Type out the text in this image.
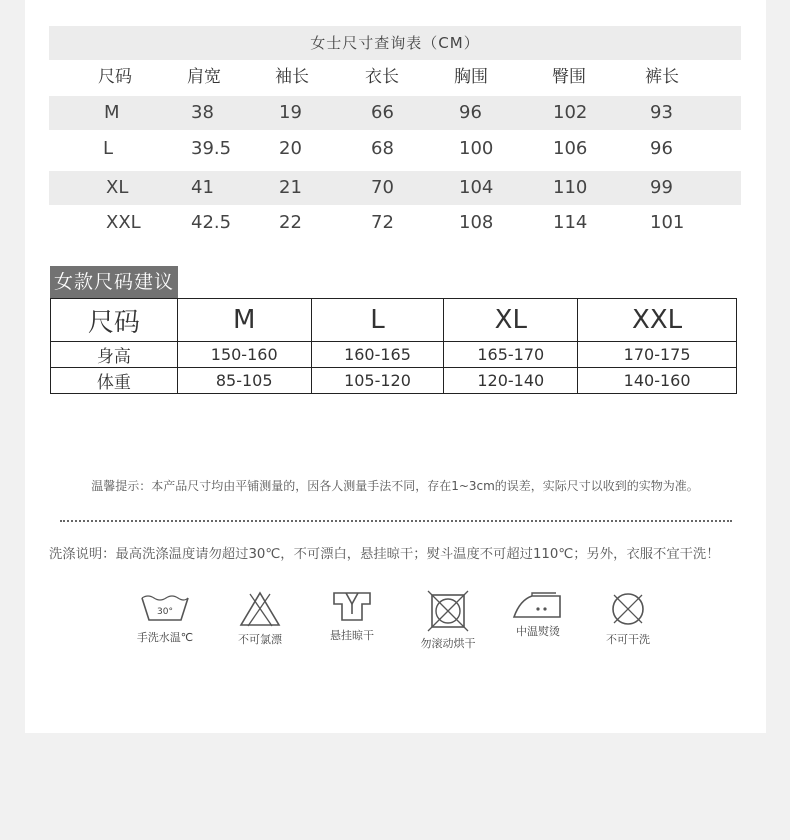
女士尺寸查询表（CM）
尺码	肩宽	袖长	衣长	胸围	臀围	裤长
M	38	19	66	96	102	93
L	39.5	20	68	100	106	96
XL	41	21	70	104	110	99
XXL	42.5	22	72	108	114	101
女款尺码建议
尺码	M	L	XL	XXL
身高	150-160	160-165	165-170	170-175
体重	85-105	105-120	120-140	140-160
温馨提示：本产品尺寸均由平铺测量的，因各人测量手法不同，存在1~3cm的误差，实际尺寸以收到的实物为准。
洗涤说明：最高洗涤温度请勿超过30℃，不可漂白，悬挂晾干；熨斗温度不可超过110℃；另外，衣服不宜干洗！
30°
手洗水温℃	不可氯漂	悬挂晾干
勿滚动烘干
中温熨烫
不可干洗
